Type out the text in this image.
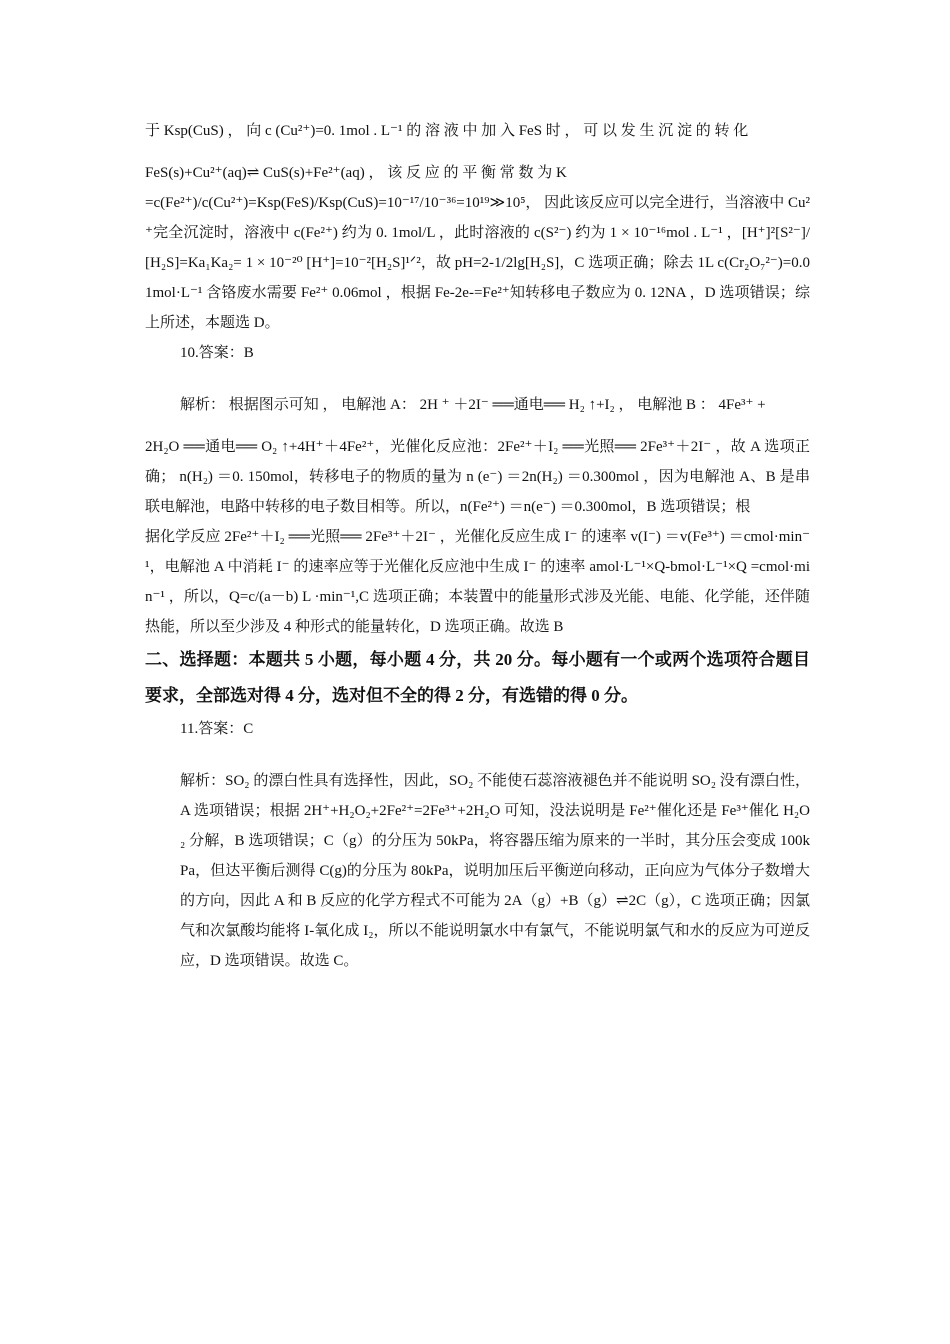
于 Ksp(CuS) ， 向 c (Cu²⁺)=0. 1mol . L⁻¹ 的 溶 液 中 加 入 FeS 时 ， 可 以 发 生 沉 淀 的 转 化

FeS(s)+Cu²⁺(aq)⇌ CuS(s)+Fe²⁺(aq) ， 该 反 应 的 平 衡 常 数 为 K

=c(Fe²⁺)/c(Cu²⁺)=Ksp(FeS)/Ksp(CuS)=10⁻¹⁷/10⁻³⁶=10¹⁹≫10⁵， 因此该反应可以完全进行，当溶液中 Cu²⁺完全沉淀时，溶液中 c(Fe²⁺) 约为 0. 1mol/L ，此时溶液的 c(S²⁻) 约为 1 × 10⁻¹⁶mol . L⁻¹ ，[H⁺]²[S²⁻]/[H₂S]=Ka₁Ka₂= 1 × 10⁻²⁰ [H⁺]=10⁻²[H₂S]¹ᐟ²，故 pH=2-1/2lg[H₂S]，C 选项正确；除去 1L c(Cr₂O₇²⁻)=0.01mol·L⁻¹ 含铬废水需要 Fe²⁺ 0.06mol ，根据 Fe-2e-=Fe²⁺知转移电子数应为 0. 12NA ，D 选项错误；综上所述，本题选 D。

10.答案：B

解析： 根据图示可知 ， 电解池 A： 2H ⁺ ＋2I⁻ ══通电══ H₂ ↑+I₂ ， 电解池 B ： 4Fe³⁺ +

2H₂O ══通电══ O₂ ↑+4H⁺＋4Fe²⁺，光催化反应池：2Fe²⁺＋I₂ ══光照══ 2Fe³⁺＋2I⁻ ，故 A 选项正确； n(H₂) ＝0. 150mol，转移电子的物质的量为 n (e⁻) ＝2n(H₂) ＝0.300mol ，因为电解池 A、B 是串联电解池，电路中转移的电子数目相等。所以，n(Fe²⁺) ＝n(e⁻) ＝0.300mol，B 选项错误；根

据化学反应 2Fe²⁺＋I₂ ══光照══ 2Fe³⁺＋2I⁻ ，光催化反应生成 I⁻ 的速率 v(I⁻) ＝v(Fe³⁺) ＝cmol·min⁻¹，电解池 A 中消耗 I⁻ 的速率应等于光催化反应池中生成 I⁻ 的速率 amol·L⁻¹×Q-bmol·L⁻¹×Q =cmol·min⁻¹ ，所以，Q=c/(a－b) L ·min⁻¹,C 选项正确；本装置中的能量形式涉及光能、电能、化学能，还伴随热能，所以至少涉及 4 种形式的能量转化，D 选项正确。故选 B

二、选择题：本题共 5 小题，每小题 4 分，共 20 分。每小题有一个或两个选项符合题目要求，全部选对得 4 分，选对但不全的得 2 分，有选错的得 0 分。

11.答案：C

解析：SO₂ 的漂白性具有选择性，因此，SO₂ 不能使石蕊溶液褪色并不能说明 SO₂ 没有漂白性，A 选项错误；根据 2H⁺+H₂O₂+2Fe²⁺=2Fe³⁺+2H₂O 可知，没法说明是 Fe²⁺催化还是 Fe³⁺催化 H₂O₂ 分解，B 选项错误；C（g）的分压为 50kPa，将容器压缩为原来的一半时，其分压会变成 100kPa，但达平衡后测得 C(g)的分压为 80kPa，说明加压后平衡逆向移动，正向应为气体分子数增大的方向，因此 A 和 B 反应的化学方程式不可能为 2A（g）+B（g）⇌2C（g），C 选项正确；因氯气和次氯酸均能将 I-氧化成 I₂，所以不能说明氯水中有氯气，不能说明氯气和水的反应为可逆反应，D 选项错误。故选 C。
